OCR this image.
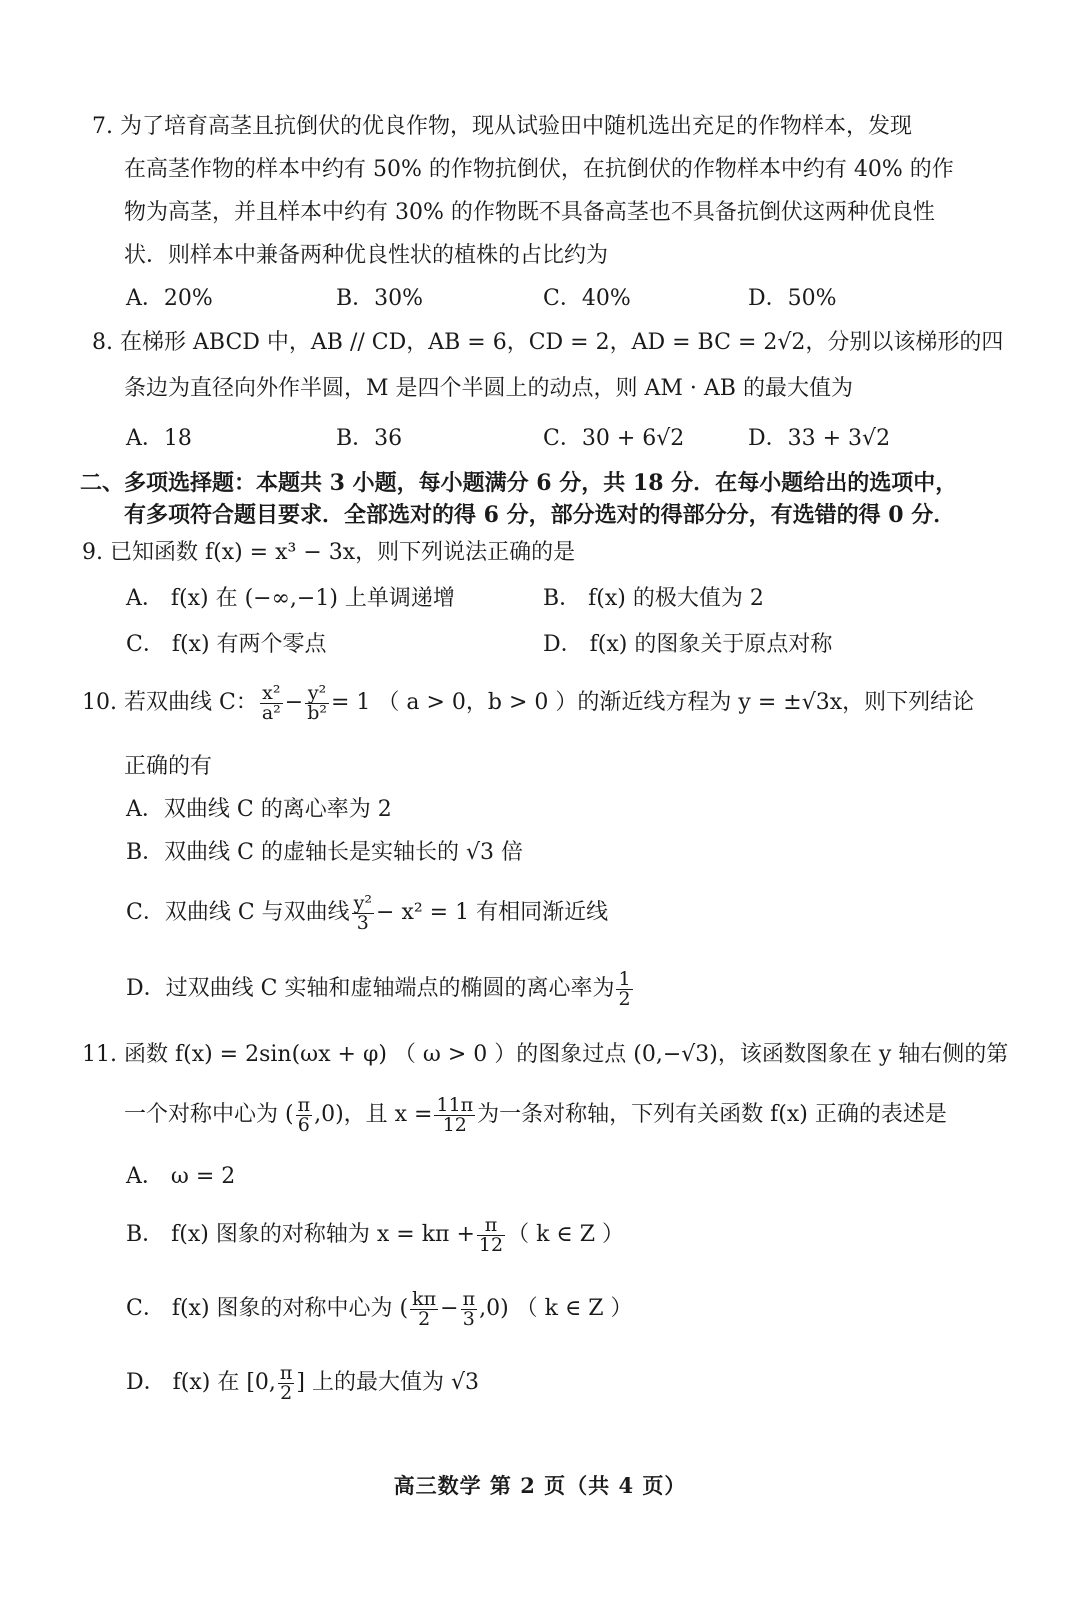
7. 为了培育高茎且抗倒伏的优良作物，现从试验田中随机选出充足的作物样本，发现
在高茎作物的样本中约有 50% 的作物抗倒伏，在抗倒伏的作物样本中约有 40% 的作
物为高茎，并且样本中约有 30% 的作物既不具备高茎也不具备抗倒伏这两种优良性
状．则样本中兼备两种优良性状的植株的占比约为
A．20%	B．30%	C．40%	D．50%
8. 在梯形 ABCD 中，AB // CD，AB = 6，CD = 2，AD = BC = 2√2，分别以该梯形的四
条边为直径向外作半圆，M 是四个半圆上的动点，则 AM · AB 的最大值为
A．18	B．36	C．30 + 6√2	D．33 + 3√2
二、多项选择题：本题共 3 小题，每小题满分 6 分，共 18 分．在每小题给出的选项中，
有多项符合题目要求．全部选对的得 6 分，部分选对的得部分分，有选错的得 0 分．
9. 已知函数 f(x) = x³ − 3x，则下列说法正确的是
A． f(x) 在 (−∞,−1) 上单调递增	B． f(x) 的极大值为 2
C． f(x) 有两个零点	D． f(x) 的图象关于原点对称
10. 若双曲线 C： $\frac{\text{x²}}{\text{a²}} - \frac{\text{y²}}{\text{b²}} = 1$ （ a > 0，b > 0 ）的渐近线方程为 y = ±√3x，则下列结论
正确的有
A．双曲线 C 的离心率为 2
B．双曲线 C 的虚轴长是实轴长的 √3 倍
C．双曲线 C 与双曲线 $\frac{\text{y²}}{3} - x^2 = 1$ 有相同渐近线
D．过双曲线 C 实轴和虚轴端点的椭圆的离心率为 $\frac{1}{2}$
11. 函数 f(x) = 2sin(ωx + φ) （ ω > 0 ）的图象过点 (0,−√3)，该函数图象在 y 轴右侧的第
一个对称中心为 ( $\frac{\pi}{6} ,0$)，且 $x = \frac{11\pi}{12}$ 为一条对称轴，下列有关函数 f(x) 正确的表述是
A． ω = 2
B． f(x) 图象的对称轴为 $x = k\pi + \frac{\pi}{12}$ （ k ∈ Z ）
C． f(x) 图象的对称中心为 ( $\frac{k\pi}{2} - \frac{\pi}{3} ,0$) （ k ∈ Z ）
D． f(x) 在 [0, $\frac{\pi}{2}$ ] 上的最大值为 √3
高三数学 第 2 页（共 4 页）
